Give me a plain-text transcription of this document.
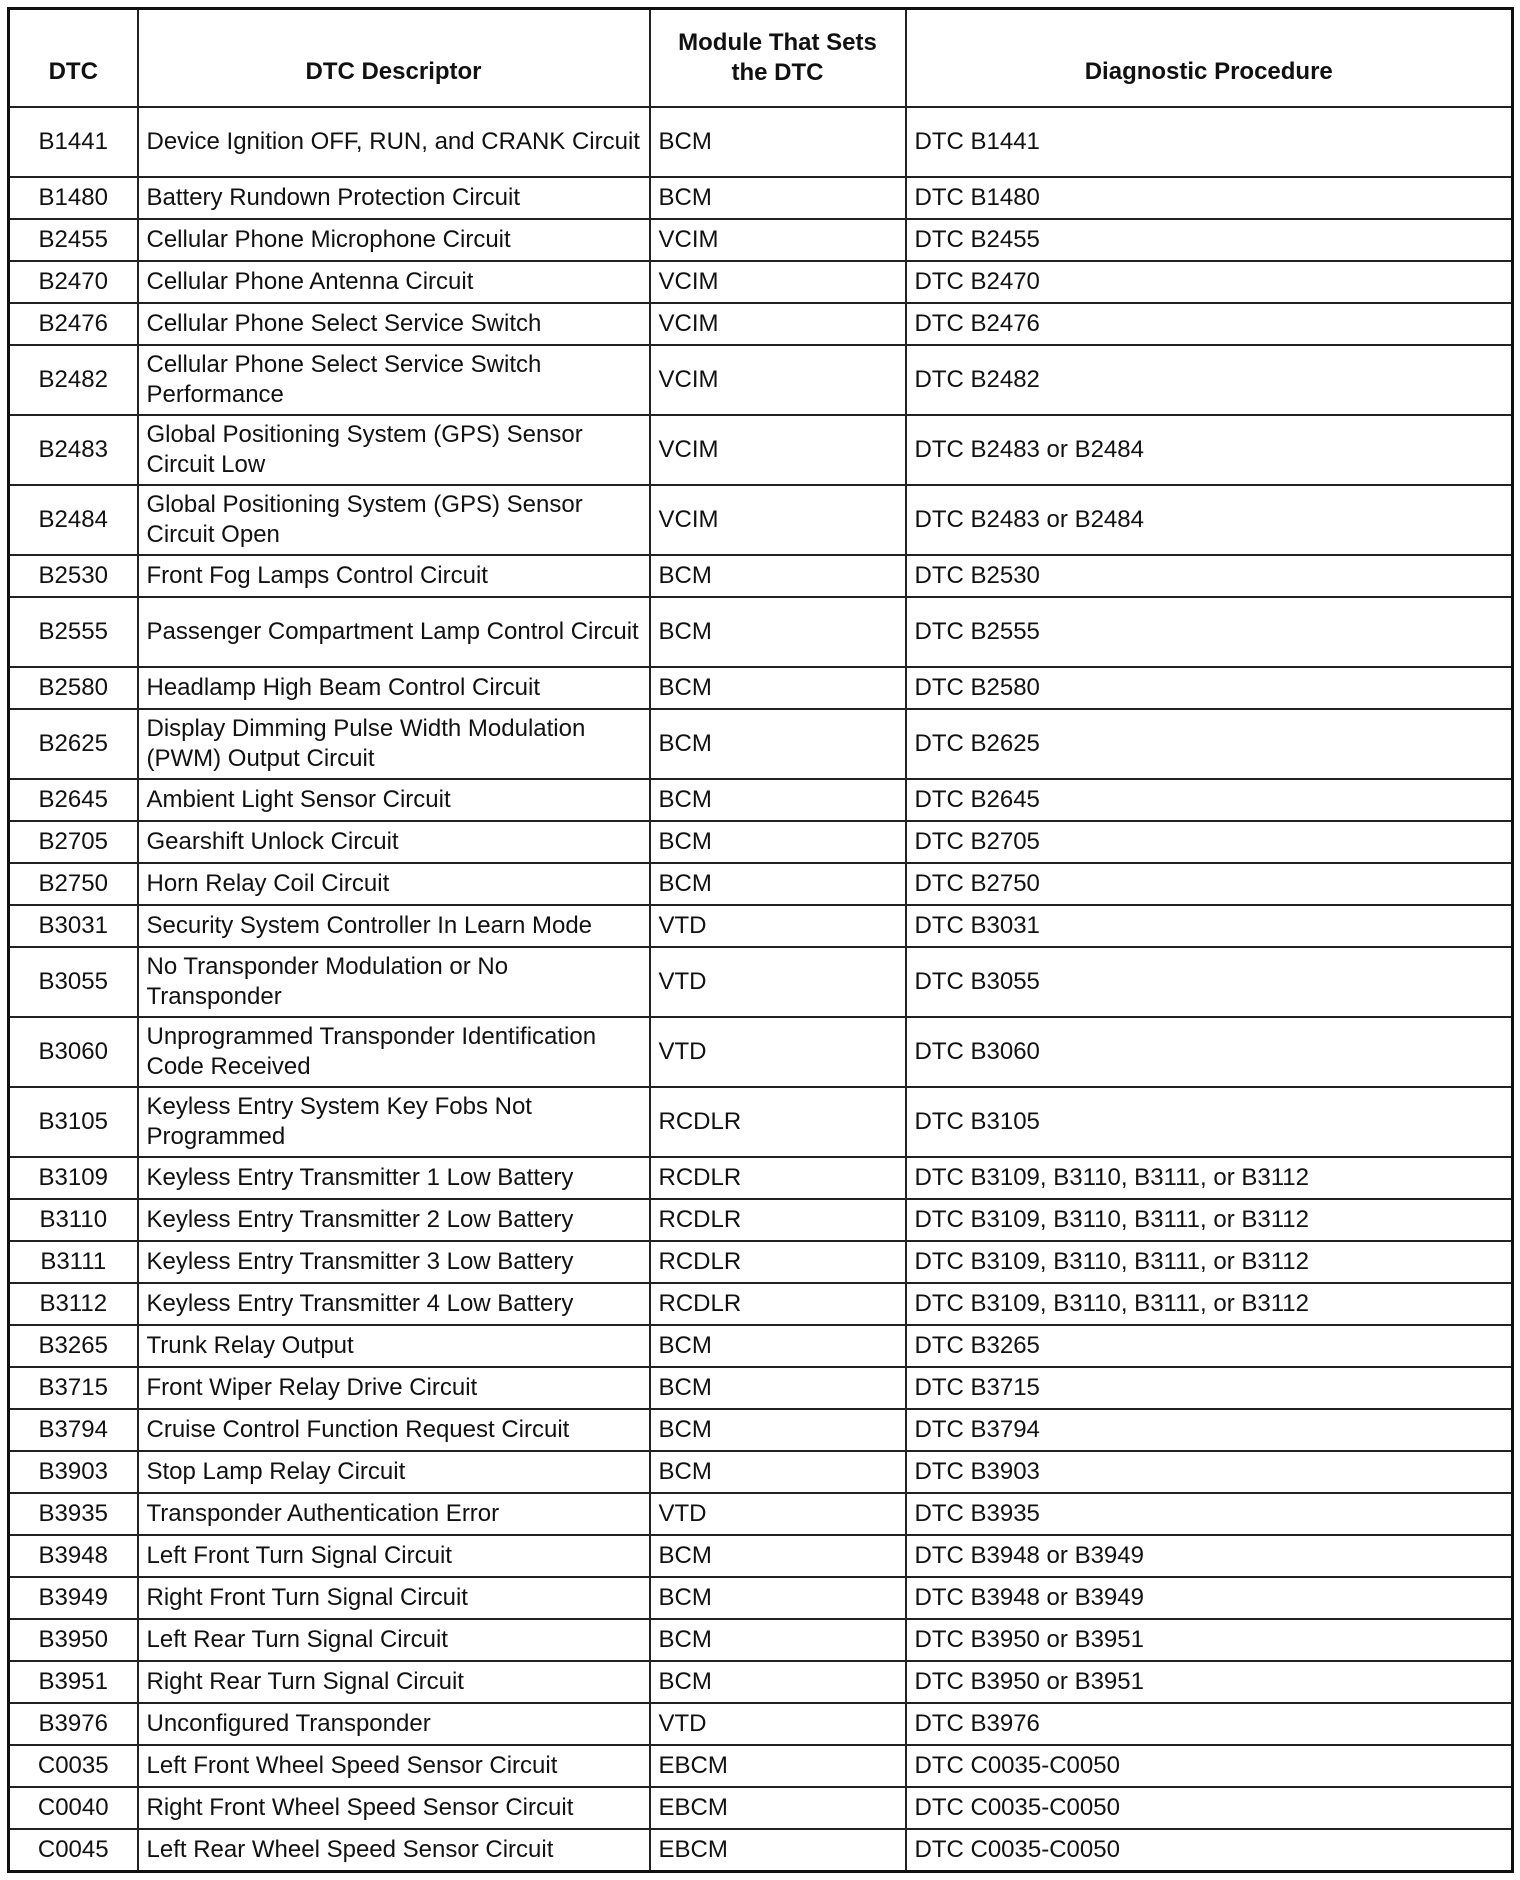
DTC	DTC Descriptor	Module That Sets the DTC	Diagnostic Procedure
B1441	Device Ignition OFF, RUN, and CRANK Circuit	BCM	DTC B1441
B1480	Battery Rundown Protection Circuit	BCM	DTC B1480
B2455	Cellular Phone Microphone Circuit	VCIM	DTC B2455
B2470	Cellular Phone Antenna Circuit	VCIM	DTC B2470
B2476	Cellular Phone Select Service Switch	VCIM	DTC B2476
B2482	Cellular Phone Select Service Switch Performance	VCIM	DTC B2482
B2483	Global Positioning System (GPS) Sensor Circuit Low	VCIM	DTC B2483 or B2484
B2484	Global Positioning System (GPS) Sensor Circuit Open	VCIM	DTC B2483 or B2484
B2530	Front Fog Lamps Control Circuit	BCM	DTC B2530
B2555	Passenger Compartment Lamp Control Circuit	BCM	DTC B2555
B2580	Headlamp High Beam Control Circuit	BCM	DTC B2580
B2625	Display Dimming Pulse Width Modulation (PWM) Output Circuit	BCM	DTC B2625
B2645	Ambient Light Sensor Circuit	BCM	DTC B2645
B2705	Gearshift Unlock Circuit	BCM	DTC B2705
B2750	Horn Relay Coil Circuit	BCM	DTC B2750
B3031	Security System Controller In Learn Mode	VTD	DTC B3031
B3055	No Transponder Modulation or No Transponder	VTD	DTC B3055
B3060	Unprogrammed Transponder Identification Code Received	VTD	DTC B3060
B3105	Keyless Entry System Key Fobs Not Programmed	RCDLR	DTC B3105
B3109	Keyless Entry Transmitter 1 Low Battery	RCDLR	DTC B3109, B3110, B3111, or B3112
B3110	Keyless Entry Transmitter 2 Low Battery	RCDLR	DTC B3109, B3110, B3111, or B3112
B3111	Keyless Entry Transmitter 3 Low Battery	RCDLR	DTC B3109, B3110, B3111, or B3112
B3112	Keyless Entry Transmitter 4 Low Battery	RCDLR	DTC B3109, B3110, B3111, or B3112
B3265	Trunk Relay Output	BCM	DTC B3265
B3715	Front Wiper Relay Drive Circuit	BCM	DTC B3715
B3794	Cruise Control Function Request Circuit	BCM	DTC B3794
B3903	Stop Lamp Relay Circuit	BCM	DTC B3903
B3935	Transponder Authentication Error	VTD	DTC B3935
B3948	Left Front Turn Signal Circuit	BCM	DTC B3948 or B3949
B3949	Right Front Turn Signal Circuit	BCM	DTC B3948 or B3949
B3950	Left Rear Turn Signal Circuit	BCM	DTC B3950 or B3951
B3951	Right Rear Turn Signal Circuit	BCM	DTC B3950 or B3951
B3976	Unconfigured Transponder	VTD	DTC B3976
C0035	Left Front Wheel Speed Sensor Circuit	EBCM	DTC C0035-C0050
C0040	Right Front Wheel Speed Sensor Circuit	EBCM	DTC C0035-C0050
C0045	Left Rear Wheel Speed Sensor Circuit	EBCM	DTC C0035-C0050
